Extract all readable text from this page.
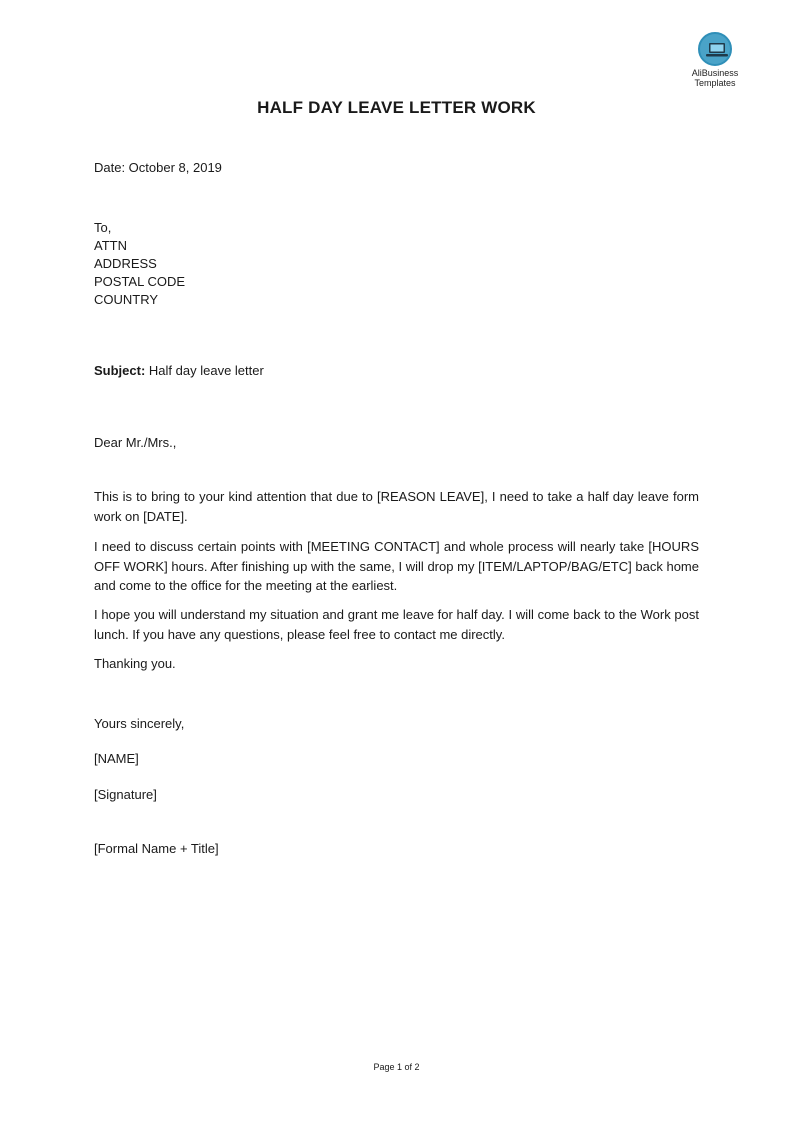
AliBusiness
Templates
HALF DAY LEAVE LETTER WORK
Date: October 8, 2019
To,
ATTN
ADDRESS
POSTAL CODE
COUNTRY
Subject: Half day leave letter
Dear Mr./Mrs.,
This is to bring to your kind attention that due to [REASON LEAVE], I need to take a half day leave form work on [DATE].
I need to discuss certain points with [MEETING CONTACT] and whole process will nearly take [HOURS OFF WORK] hours. After finishing up with the same, I will drop my [ITEM/LAPTOP/BAG/ETC] back home and come to the office for the meeting at the earliest.
I hope you will understand my situation and grant me leave for half day. I will come back to the Work post lunch. If you have any questions, please feel free to contact me directly.
Thanking you.
Yours sincerely,
[NAME]
[Signature]
[Formal Name + Title]
Page 1 of 2
